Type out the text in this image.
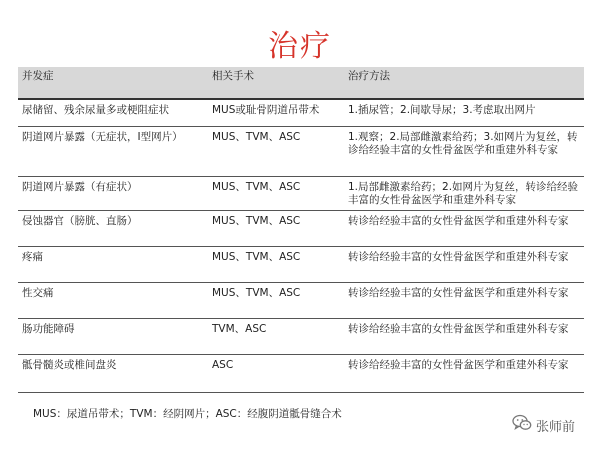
治疗
并发症	相关手术	治疗方法
尿储留、残余尿量多或梗阻症状	MUS或耻骨阴道吊带术	1.插尿管；2.间歇导尿；3.考虑取出网片
阴道网片暴露（无症状，I型网片）	MUS、TVM、ASC	1.观察；2.局部雌激素给药；3.如网片为复丝，转诊给经验丰富的女性骨盆医学和重建外科专家
阴道网片暴露（有症状）	MUS、TVM、ASC	1.局部雌激素给药；2.如网片为复丝，转诊给经验丰富的女性骨盆医学和重建外科专家
侵蚀器官（膀胱、直肠）	MUS、TVM、ASC	转诊给经验丰富的女性骨盆医学和重建外科专家
疼痛	MUS、TVM、ASC	转诊给经验丰富的女性骨盆医学和重建外科专家
性交痛	MUS、TVM、ASC	转诊给经验丰富的女性骨盆医学和重建外科专家
肠功能障碍	TVM、ASC	转诊给经验丰富的女性骨盆医学和重建外科专家
骶骨髓炎或椎间盘炎	ASC	转诊给经验丰富的女性骨盆医学和重建外科专家
MUS：尿道吊带术；TVM：经阴网片；ASC：经腹阴道骶骨缝合术
张师前
